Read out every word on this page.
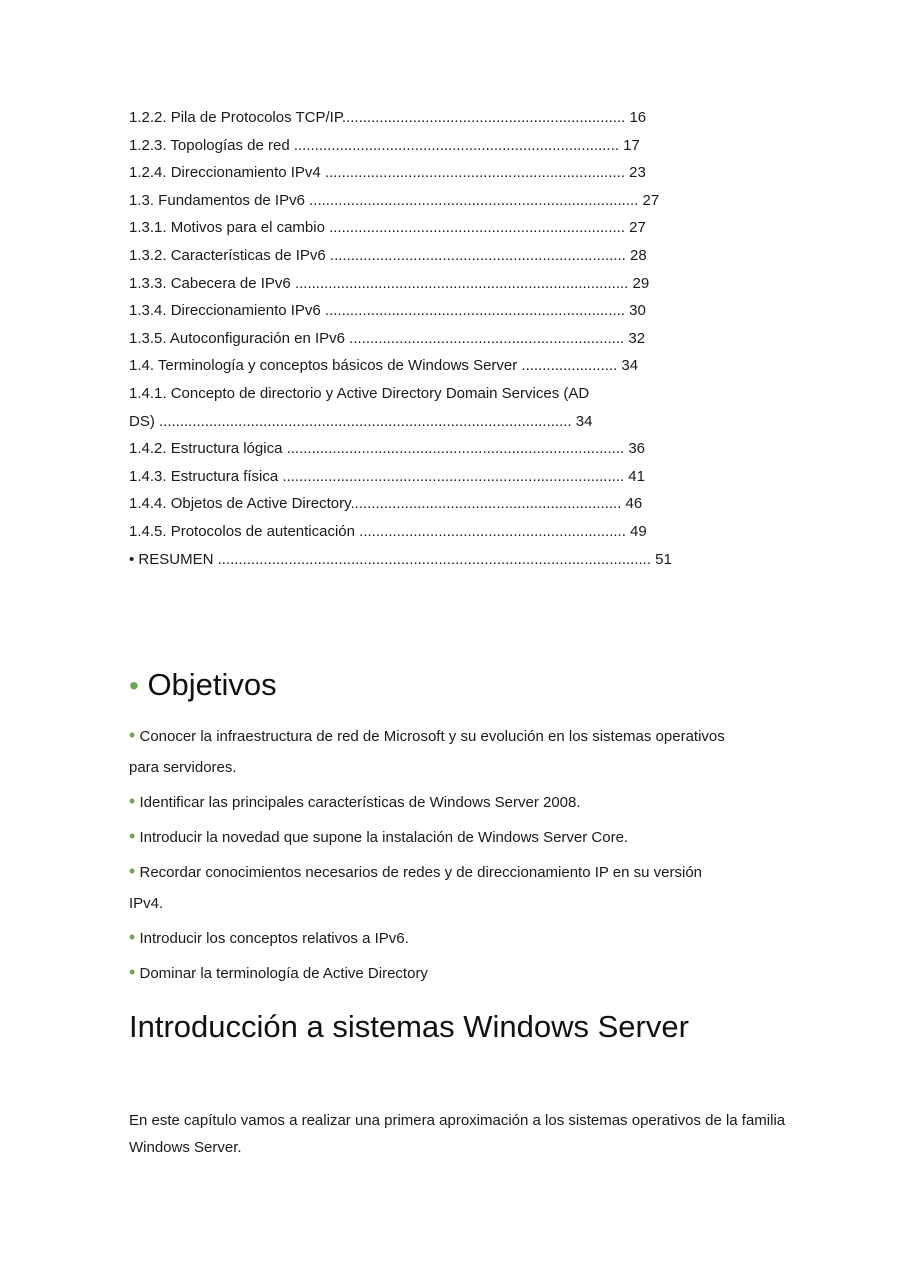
1.2.2. Pila de Protocolos TCP/IP.................................................................... 16
1.2.3. Topologías de red .............................................................................. 17
1.2.4. Direccionamiento IPv4 ........................................................................ 23
1.3. Fundamentos de IPv6 ............................................................................... 27
1.3.1. Motivos para el cambio ....................................................................... 27
1.3.2. Características de IPv6 ....................................................................... 28
1.3.3. Cabecera de IPv6 ................................................................................ 29
1.3.4. Direccionamiento IPv6 ........................................................................ 30
1.3.5. Autoconfiguración en IPv6 .................................................................. 32
1.4. Terminología y conceptos básicos de Windows Server ....................... 34
1.4.1. Concepto de directorio y Active Directory Domain Services (AD
DS) ................................................................................................... 34
1.4.2. Estructura lógica ................................................................................. 36
1.4.3. Estructura física .................................................................................. 41
1.4.4. Objetos de Active Directory................................................................. 46
1.4.5. Protocolos de autenticación ................................................................ 49
• RESUMEN ........................................................................................................ 51
• Objetivos
• Conocer la infraestructura de red de Microsoft y su evolución en los sistemas operativos para servidores.
• Identificar las principales características de Windows Server 2008.
• Introducir la novedad que supone la instalación de Windows Server Core.
• Recordar conocimientos necesarios de redes y de direccionamiento IP en su versión IPv4.
• Introducir los conceptos relativos a IPv6.
• Dominar la terminología de Active Directory
Introducción a sistemas Windows Server
En este capítulo vamos a realizar una primera aproximación a los sistemas operativos de la familia Windows Server.
